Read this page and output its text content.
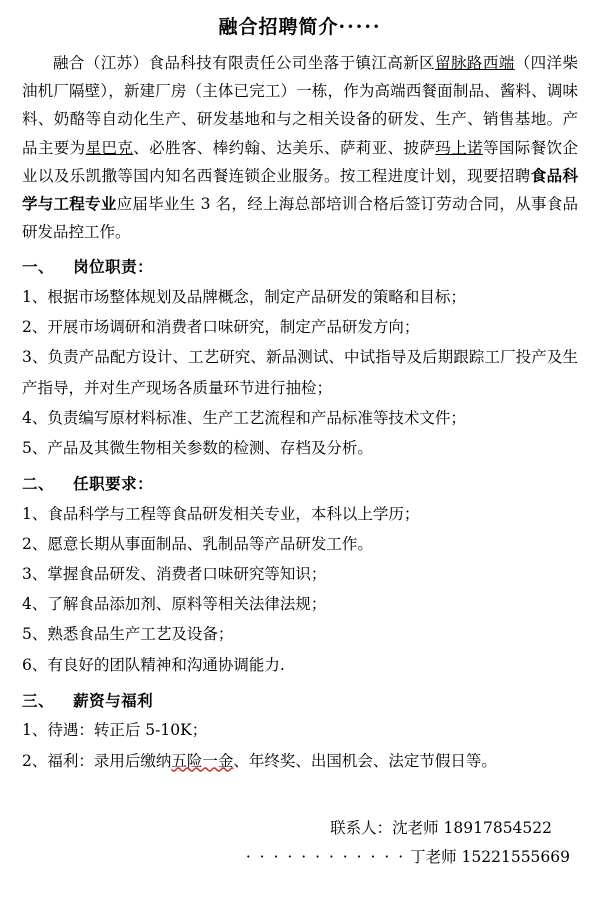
融合招聘简介·····

融合（江苏）食品科技有限责任公司坐落于镇江高新区留脉路西端（四洋柴油机厂隔壁），新建厂房（主体已完工）一栋，作为高端西餐面制品、酱料、调味料、奶酪等自动化生产、研发基地和与之相关设备的研发、生产、销售基地。产品主要为星巴克、必胜客、棒约翰、达美乐、萨莉亚、披萨玛上诺等国际餐饮企业以及乐凯撒等国内知名西餐连锁企业服务。按工程进度计划，现要招聘食品科学与工程专业应届毕业生 3 名，经上海总部培训合格后签订劳动合同，从事食品研发品控工作。

一、 岗位职责：

1、根据市场整体规划及品牌概念，制定产品研发的策略和目标；

2、开展市场调研和消费者口味研究，制定产品研发方向；

3、负责产品配方设计、工艺研究、新品测试、中试指导及后期跟踪工厂投产及生产指导，并对生产现场各质量环节进行抽检；

4、负责编写原材料标准、生产工艺流程和产品标准等技术文件；

5、产品及其微生物相关参数的检测、存档及分析。

二、 任职要求：

1、食品科学与工程等食品研发相关专业，本科以上学历；

2、愿意长期从事面制品、乳制品等产品研发工作。

3、掌握食品研发、消费者口味研究等知识；

4、了解食品添加剂、原料等相关法律法规；

5、熟悉食品生产工艺及设备；

6、有良好的团队精神和沟通协调能力.

三、 薪资与福利

1、待遇：转正后 5-10K；

2、福利：录用后缴纳五险一金、年终奖、出国机会、法定节假日等。

联系人：沈老师 18917854522
· · · · · · · · · · · · 丁老师 15221555669
